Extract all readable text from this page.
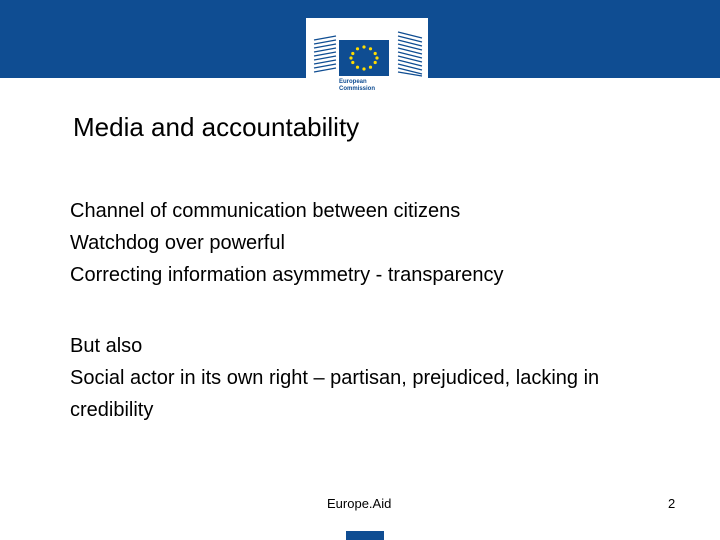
European
Commission
Media and accountability
Channel of communication between citizens
Watchdog over powerful
Correcting information asymmetry - transparency
But also
Social actor in its own right – partisan, prejudiced, lacking in credibility
Europe.Aid	2
